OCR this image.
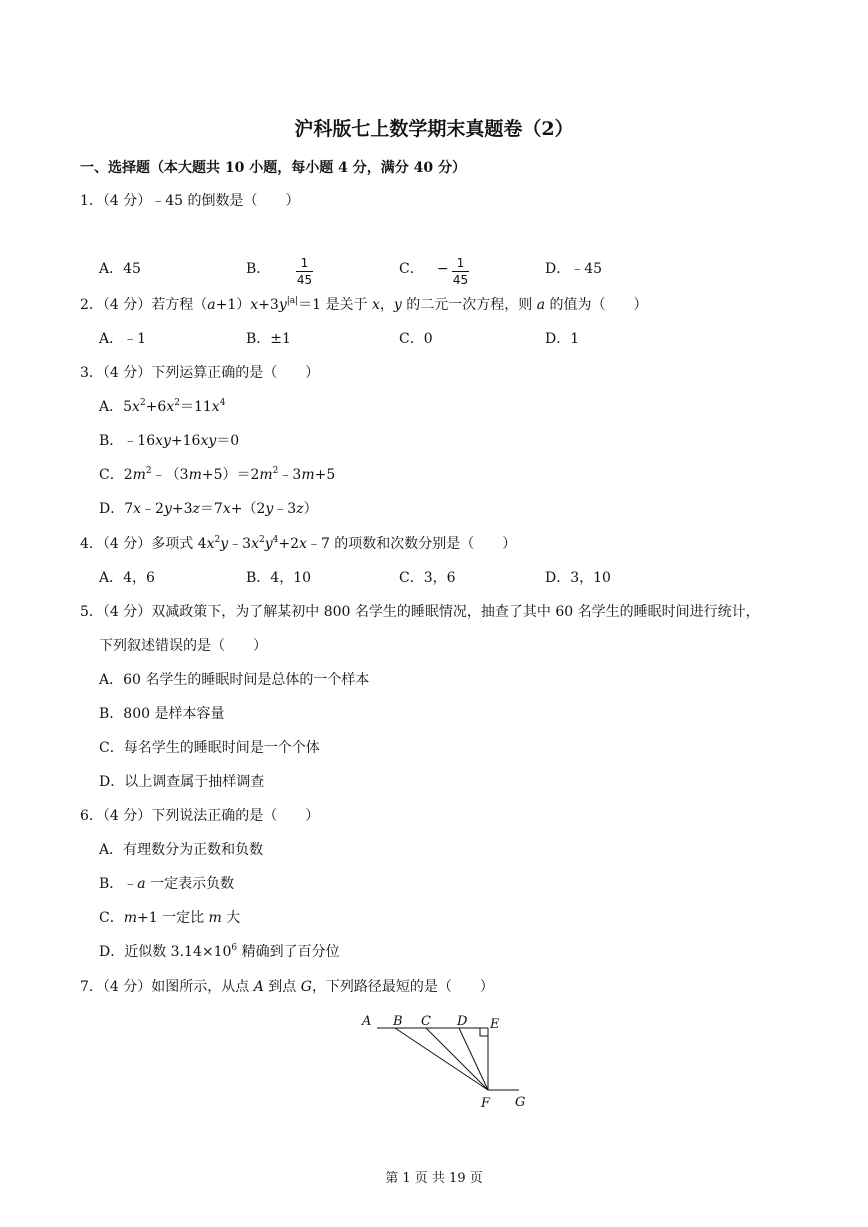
沪科版七上数学期末真题卷（2）
一、选择题（本大题共 10 小题，每小题 4 分，满分 40 分）
1．（4 分）﹣45 的倒数是（　　）
A．45	B．	1
45
C． − 1
45
D．﹣45
2．（4 分）若方程$(a+1)x+3y^{|a|}=1$ 是关于 x，y 的二元一次方程，则 a 的值为（　　）
A．﹣1	B．±1	C．0	D．1
3．（4 分）下列运算正确的是（　　）
A．$5x^2+6x^2=11x^4$
B．﹣16xy+16xy＝0
C．$2m^2﹣(3m+5)=2m^2﹣3m+5$
D．7x﹣2y+3z＝7x+（2y﹣3z）
4．（4 分）多项式 $4x^2y﹣3x^2y^4+2x﹣7$ 的项数和次数分别是（　　）
A．4，6	B．4，10	C．3，6	D．3，10
5．（4 分）双减政策下，为了解某初中 800 名学生的睡眠情况，抽查了其中 60 名学生的睡眠时间进行统计，
下列叙述错误的是（　　）
A．60 名学生的睡眠时间是总体的一个样本
B．800 是样本容量
C．每名学生的睡眠时间是一个个体
D．以上调查属于抽样调查
6．（4 分）下列说法正确的是（　　）
A．有理数分为正数和负数
B．﹣a 一定表示负数
C．m+1 一定比 m 大
D．近似数 $3.14\times 10^6$ 精确到了百分位
7．（4 分）如图所示，从点 A 到点 G，下列路径最短的是（　　）
A B C D E
F G
第 1 页 共 19 页
